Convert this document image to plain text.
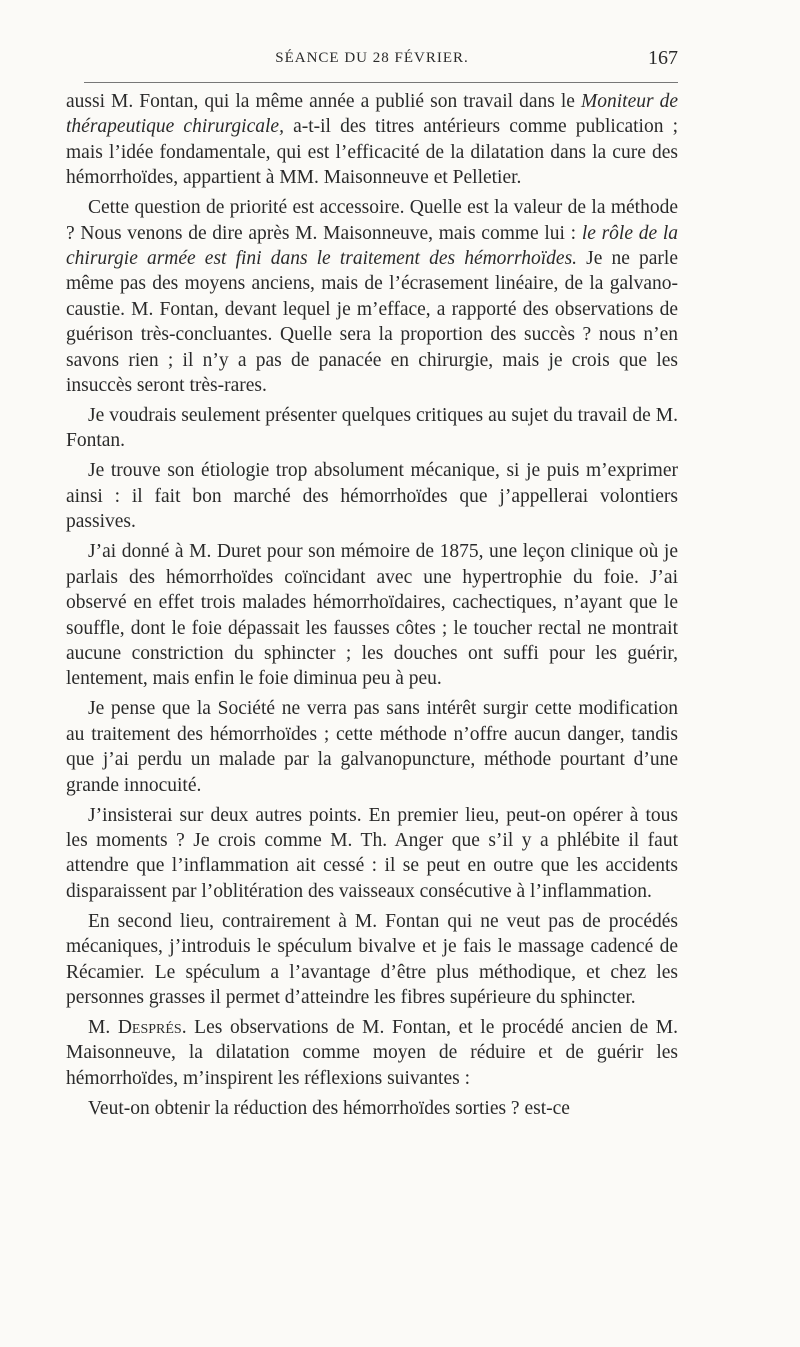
SÉANCE DU 28 FÉVRIER.	167

aussi M. Fontan, qui la même année a publié son travail dans le Moniteur de thérapeutique chirurgicale, a-t-il des titres antérieurs comme publication ; mais l’idée fondamentale, qui est l’efficacité de la dilatation dans la cure des hémorrhoïdes, appartient à MM. Maisonneuve et Pelletier.

Cette question de priorité est accessoire. Quelle est la valeur de la méthode ? Nous venons de dire après M. Maisonneuve, mais comme lui : le rôle de la chirurgie armée est fini dans le traitement des hémorrhoïdes. Je ne parle même pas des moyens anciens, mais de l’écrasement linéaire, de la galvano-caustie. M. Fontan, devant lequel je m’efface, a rapporté des observations de guérison très-concluantes. Quelle sera la proportion des succès ? nous n’en savons rien ; il n’y a pas de panacée en chirurgie, mais je crois que les insuccès seront très-rares.

Je voudrais seulement présenter quelques critiques au sujet du travail de M. Fontan.

Je trouve son étiologie trop absolument mécanique, si je puis m’exprimer ainsi : il fait bon marché des hémorrhoïdes que j’appellerai volontiers passives.

J’ai donné à M. Duret pour son mémoire de 1875, une leçon clinique où je parlais des hémorrhoïdes coïncidant avec une hypertrophie du foie. J’ai observé en effet trois malades hémorrhoïdaires, cachectiques, n’ayant que le souffle, dont le foie dépassait les fausses côtes ; le toucher rectal ne montrait aucune constriction du sphincter ; les douches ont suffi pour les guérir, lentement, mais enfin le foie diminua peu à peu.

Je pense que la Société ne verra pas sans intérêt surgir cette modification au traitement des hémorrhoïdes ; cette méthode n’offre aucun danger, tandis que j’ai perdu un malade par la galvanopuncture, méthode pourtant d’une grande innocuité.

J’insisterai sur deux autres points. En premier lieu, peut-on opérer à tous les moments ? Je crois comme M. Th. Anger que s’il y a phlébite il faut attendre que l’inflammation ait cessé : il se peut en outre que les accidents disparaissent par l’oblitération des vaisseaux consécutive à l’inflammation.

En second lieu, contrairement à M. Fontan qui ne veut pas de procédés mécaniques, j’introduis le spéculum bivalve et je fais le massage cadencé de Récamier. Le spéculum a l’avantage d’être plus méthodique, et chez les personnes grasses il permet d’atteindre les fibres supérieure du sphincter.

M. Després. Les observations de M. Fontan, et le procédé ancien de M. Maisonneuve, la dilatation comme moyen de réduire et de guérir les hémorrhoïdes, m’inspirent les réflexions suivantes :

Veut-on obtenir la réduction des hémorrhoïdes sorties ? est-ce
